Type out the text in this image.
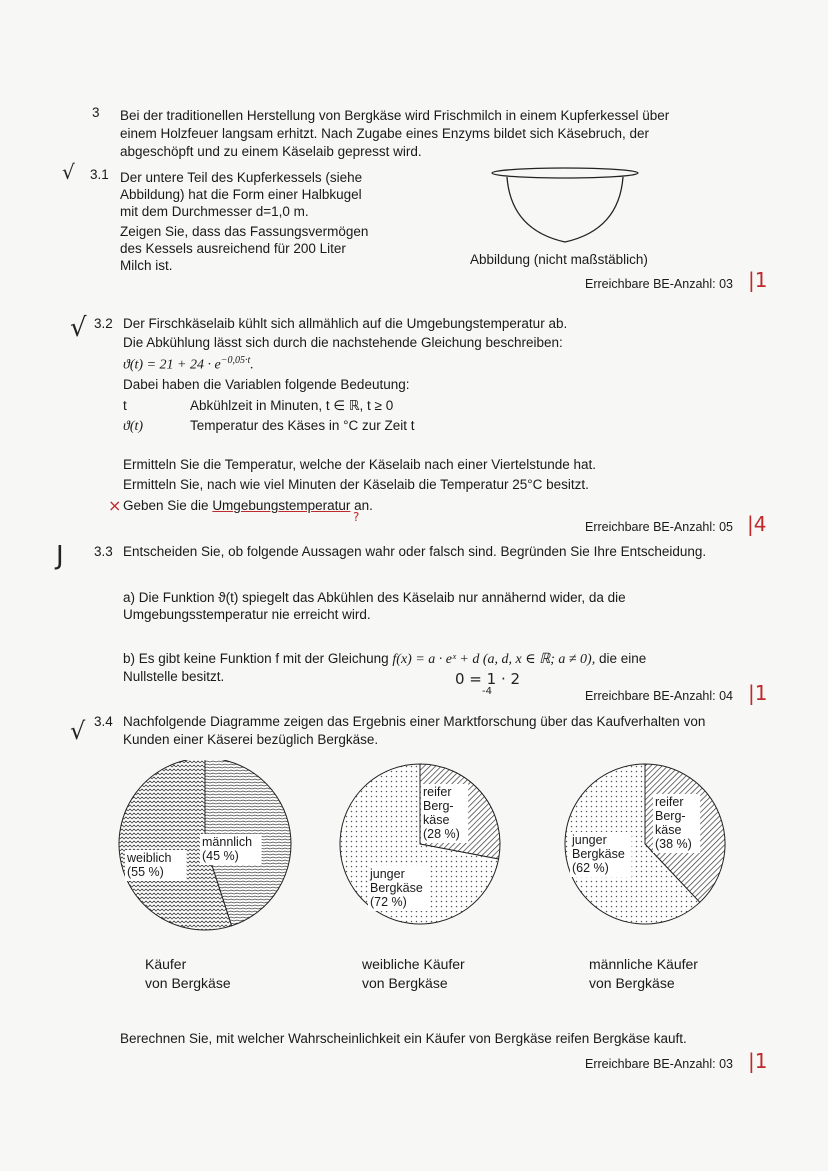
3 Bei der traditionellen Herstellung von Bergkäse wird Frischmilch in einem Kupferkessel über
einem Holzfeuer langsam erhitzt. Nach Zugabe eines Enzyms bildet sich Käsebruch, der
abgeschöpft und zu einem Käselaib gepresst wird.
√ 3.1 Der untere Teil des Kupferkessels (siehe
Abbildung) hat die Form einer Halbkugel
mit dem Durchmesser d=1,0 m.
Zeigen Sie, dass das Fassungsvermögen
des Kessels ausreichend für 200 Liter
Milch ist.	Abbildung (nicht maßstäblich)
Erreichbare BE-Anzahl: 03 |1
√ 3.2 Der Firschkäselaib kühlt sich allmählich auf die Umgebungstemperatur ab.
Die Abkühlung lässt sich durch die nachstehende Gleichung beschreiben:
$ϑ(t) = 21 + 24 \cdot e^{-0,05\cdot t}$.
Dabei haben die Variablen folgende Bedeutung:
t	Abkühlzeit in Minuten, t ∈ ℝ, t ≥ 0
ϑ(t)	Temperatur des Käses in °C zur Zeit t
Ermitteln Sie die Temperatur, welche der Käselaib nach einer Viertelstunde hat.
Ermitteln Sie, nach wie viel Minuten der Käselaib die Temperatur 25°C besitzt.
Geben Sie die Umgebungstemperatur an.
×
?
Erreichbare BE-Anzahl: 05 |4
J 3.3 Entscheiden Sie, ob folgende Aussagen wahr oder falsch sind. Begründen Sie Ihre Entscheidung.
a) Die Funktion ϑ(t) spiegelt das Abkühlen des Käselaib nur annähernd wider, da die
Umgebungsstemperatur nie erreicht wird.
b) Es gibt keine Funktion f mit der Gleichung f(x) = a · eˣ + d (a, d, x ∈ ℝ; a ≠ 0), die eine
Nullstelle besitzt.	0 = 1 · 2
-4	Erreichbare BE-Anzahl: 04 |1
√ 3.4 Nachfolgende Diagramme zeigen das Ergebnis einer Marktforschung über das Kaufverhalten von
Kunden einer Käserei bezüglich Bergkäse.
männlich
(45 %)
weiblich
(55 %)
reifer
Berg-
käse
(28 %)
junger
Bergkäse
(72 %)
reifer
Berg-
käse
(38 %)
junger
Bergkäse
(62 %)
Käufer
von Bergkäse
weibliche Käufer
von Bergkäse
männliche Käufer
von Bergkäse
Berechnen Sie, mit welcher Wahrscheinlichkeit ein Käufer von Bergkäse reifen Bergkäse kauft.
Erreichbare BE-Anzahl: 03 |1
